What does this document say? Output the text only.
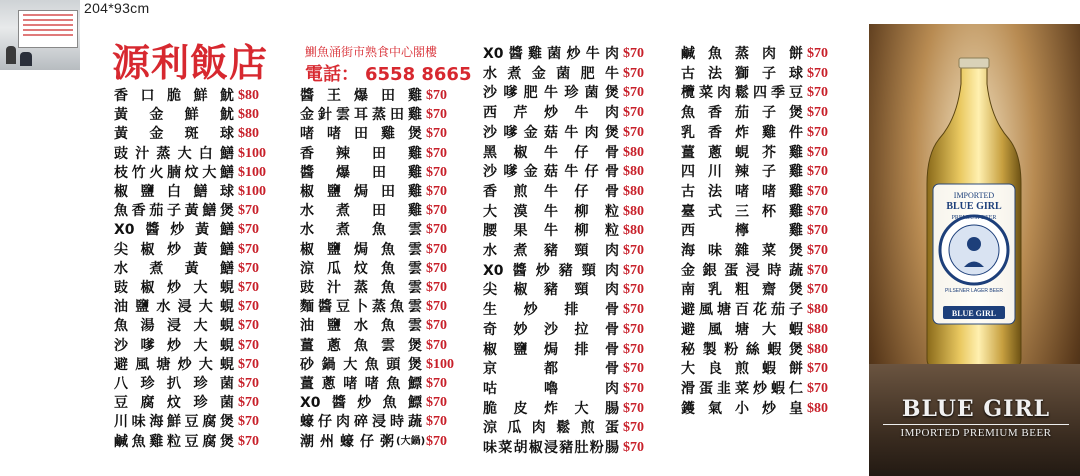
204*93cm
源利飯店	鰂魚涌街市熟食中心閣樓
電話： 6558 8665
香口脆鮮魷 $80
黃金鮮魷 $80
黃金斑球 $80
豉汁蒸大白鱔 $100
枝竹火腩炆大鱔 $100
椒鹽白鱔球 $100
魚香茄子黃鱔煲 $70
X0醬炒黃鱔 $70
尖椒炒黃鱔 $70
水煮黃鱔 $70
豉椒炒大蜆 $70
油鹽水浸大蜆 $70
魚湯浸大蜆 $70
沙嗲炒大蜆 $70
避風塘炒大蜆 $70
八珍扒珍菌 $70
豆腐炆珍菌 $70
川味海鮮豆腐煲 $70
鹹魚雞粒豆腐煲 $70
醬王爆田雞 $70
金針雲耳蒸田雞 $70
啫啫田雞煲 $70
香辣田雞 $70
醬爆田雞 $70
椒鹽焗田雞 $70
水煮田雞 $70
水煮魚雲 $70
椒鹽焗魚雲 $70
涼瓜炆魚雲 $70
豉汁蒸魚雲 $70
麵醬豆卜蒸魚雲 $70
油鹽水魚雲 $70
薑蔥魚雲煲 $70
砂鍋大魚頭煲 $100
薑蔥啫啫魚鰾 $70
X0醬炒魚鰾 $70
蠔仔肉碎浸時蔬 $70
潮州蠔仔粥 (大鍋) $70
X0醬雞菌炒牛肉 $70
水煮金菌肥牛 $70
沙嗲肥牛珍菌煲 $70
西芹炒牛肉 $70
沙嗲金菇牛肉煲 $70
黑椒牛仔骨 $80
沙嗲金菇牛仔骨 $80
香煎牛仔骨 $80
大漠牛柳粒 $80
腰果牛柳粒 $80
水煮豬頸肉 $70
X0醬炒豬頸肉 $70
尖椒豬頸肉 $70
生炒排骨 $70
奇妙沙拉骨 $70
椒鹽焗排骨 $70
京都骨 $70
咕嚕肉 $70
脆皮炸大腸 $70
涼瓜肉鬆煎蛋 $70
味菜胡椒浸豬肚粉腸 $70
鹹魚蒸肉餅 $70
古法獅子球 $70
欖菜肉鬆四季豆 $70
魚香茄子煲 $70
乳香炸雞件 $70
薑蔥蜆芥雞 $70
四川辣子雞 $70
古法啫啫雞 $70
臺式三杯雞 $70
西檸雞 $70
海味雜菜煲 $70
金銀蛋浸時蔬 $70
南乳粗齋煲 $70
避風塘百花茄子 $80
避風塘大蝦 $80
秘製粉絲蝦煲 $80
大良煎蝦餅 $70
滑蛋韭菜炒蝦仁 $70
鑊氣小炒皇 $80
IMPORTED
BLUE GIRL
PREMIUM BEER
PILSENER LAGER BEER
BLUE GIRL
BLUE GIRL
IMPORTED PREMIUM BEER
